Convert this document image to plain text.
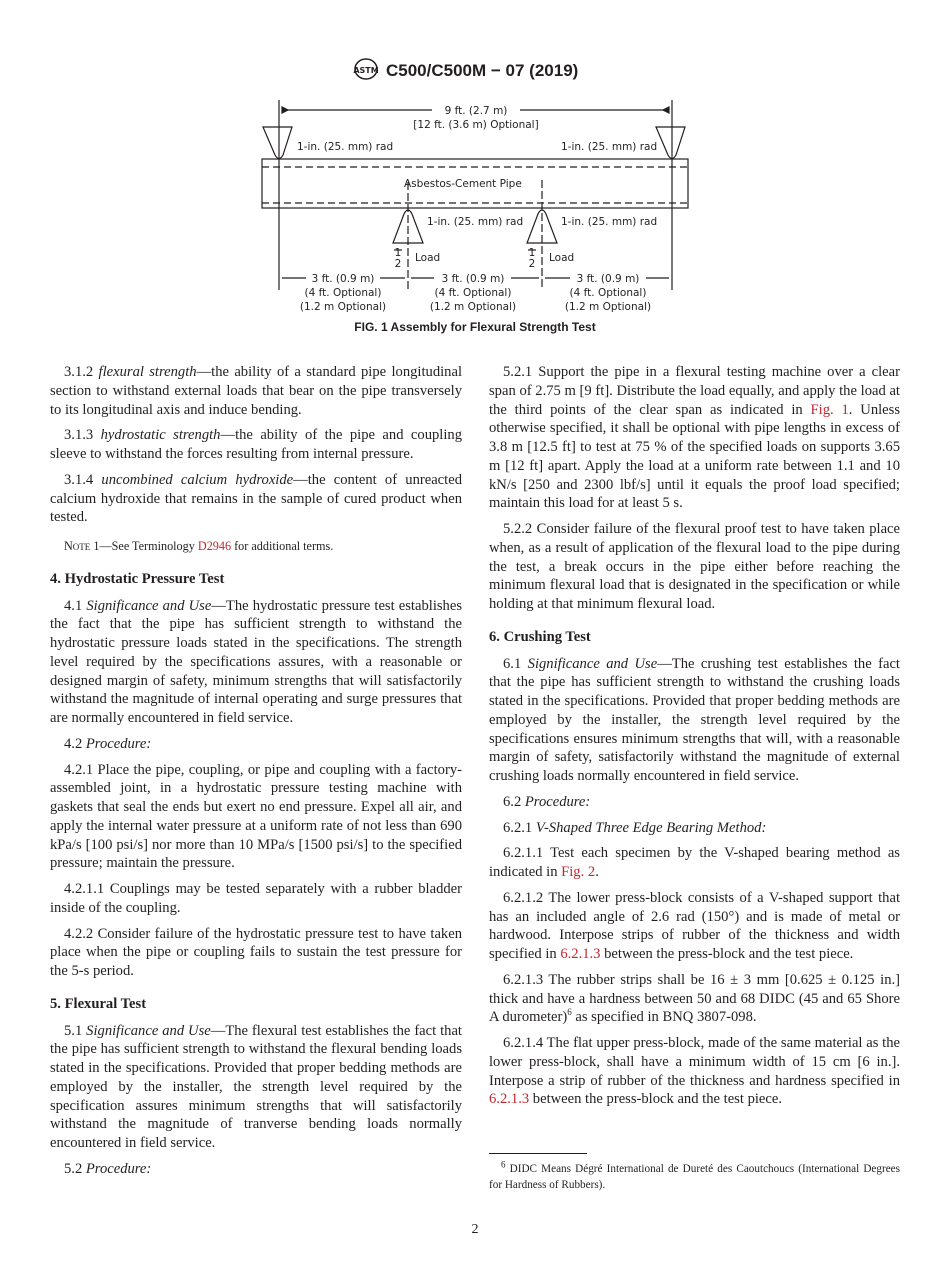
ASTM C500/C500M − 07 (2019)
9 ft. (2.7 m)
[12 ft. (3.6 m) Optional]
1-in. (25. mm) rad	1-in. (25. mm) rad
Asbestos-Cement Pipe
1-in. (25. mm) rad	1-in. (25. mm) rad
1
2 Load	1
2 Load
3 ft. (0.9 m)
(4 ft. Optional)
(1.2 m Optional)
3 ft. (0.9 m)
(4 ft. Optional)
(1.2 m Optional)
3 ft. (0.9 m)
(4 ft. Optional)
(1.2 m Optional)
FIG. 1 Assembly for Flexural Strength Test

3.1.2 flexural strength—the ability of a standard pipe longitudinal section to withstand external loads that bear on the pipe transversely to its longitudinal axis and induce bending.

3.1.3 hydrostatic strength—the ability of the pipe and coupling sleeve to withstand the forces resulting from internal pressure.

3.1.4 uncombined calcium hydroxide—the content of unreacted calcium hydroxide that remains in the sample of cured product when tested.

Note 1—See Terminology D2946 for additional terms.

4. Hydrostatic Pressure Test

4.1 Significance and Use—The hydrostatic pressure test establishes the fact that the pipe has sufficient strength to withstand the hydrostatic pressure loads stated in the specifications. The strength level required by the specifications assures, with a reasonable or designed margin of safety, minimum strengths that will satisfactorily withstand the magnitude of internal operating and surge pressures that are normally encountered in field service.

4.2 Procedure:

4.2.1 Place the pipe, coupling, or pipe and coupling with a factory-assembled joint, in a hydrostatic pressure testing machine with gaskets that seal the ends but exert no end pressure. Expel all air, and apply the internal water pressure at a uniform rate of not less than 690 kPa/s [100 psi/s] nor more than 10 MPa/s [1500 psi/s] to the specified pressure; maintain the pressure.

4.2.1.1 Couplings may be tested separately with a rubber bladder inside of the coupling.

4.2.2 Consider failure of the hydrostatic pressure test to have taken place when the pipe or coupling fails to sustain the test pressure for the 5-s period.

5. Flexural Test

5.1 Significance and Use—The flexural test establishes the fact that the pipe has sufficient strength to withstand the flexural bending loads stated in the specifications. Provided that proper bedding methods are employed by the installer, the strength level required by the specification assures minimum strengths that will satisfactorily withstand the magnitude of tranverse bending loads normally encountered in field service.

5.2 Procedure:

5.2.1 Support the pipe in a flexural testing machine over a clear span of 2.75 m [9 ft]. Distribute the load equally, and apply the load at the third points of the clear span as indicated in Fig. 1. Unless otherwise specified, it shall be optional with pipe lengths in excess of 3.8 m [12.5 ft] to test at 75 % of the specified loads on supports 3.65 m [12 ft] apart. Apply the load at a uniform rate between 1.1 and 10 kN/s [250 and 2300 lbf/s] until it equals the proof load specified; maintain this load for at least 5 s.

5.2.2 Consider failure of the flexural proof test to have taken place when, as a result of application of the flexural load to the pipe during the test, a break occurs in the pipe either before reaching the minimum flexural load that is designated in the specification or while holding at that minimum flexural load.

6. Crushing Test

6.1 Significance and Use—The crushing test establishes the fact that the pipe has sufficient strength to withstand the crushing loads stated in the specifications. Provided that proper bedding methods are employed by the installer, the strength level required by the specifications ensures minimum strengths that will, with a reasonable margin of safety, satisfactorily withstand the magnitude of external crushing loads normally encountered in field service.

6.2 Procedure:

6.2.1 V-Shaped Three Edge Bearing Method:

6.2.1.1 Test each specimen by the V-shaped bearing method as indicated in Fig. 2.

6.2.1.2 The lower press-block consists of a V-shaped support that has an included angle of 2.6 rad (150°) and is made of metal or hardwood. Interpose strips of rubber of the thickness and width specified in 6.2.1.3 between the press-block and the test piece.

6.2.1.3 The rubber strips shall be 16 ± 3 mm [0.625 ± 0.125 in.] thick and have a hardness between 50 and 68 DIDC (45 and 65 Shore A durometer)$^6$ as specified in BNQ 3807-098.

6.2.1.4 The flat upper press-block, made of the same material as the lower press-block, shall have a minimum width of 15 cm [6 in.]. Interpose a strip of rubber of the thickness and hardness specified in 6.2.1.3 between the press-block and the test piece.

$^6$ DIDC Means Dégré International de Dureté des Caoutchoucs (International Degrees for Hardness of Rubbers).
2
